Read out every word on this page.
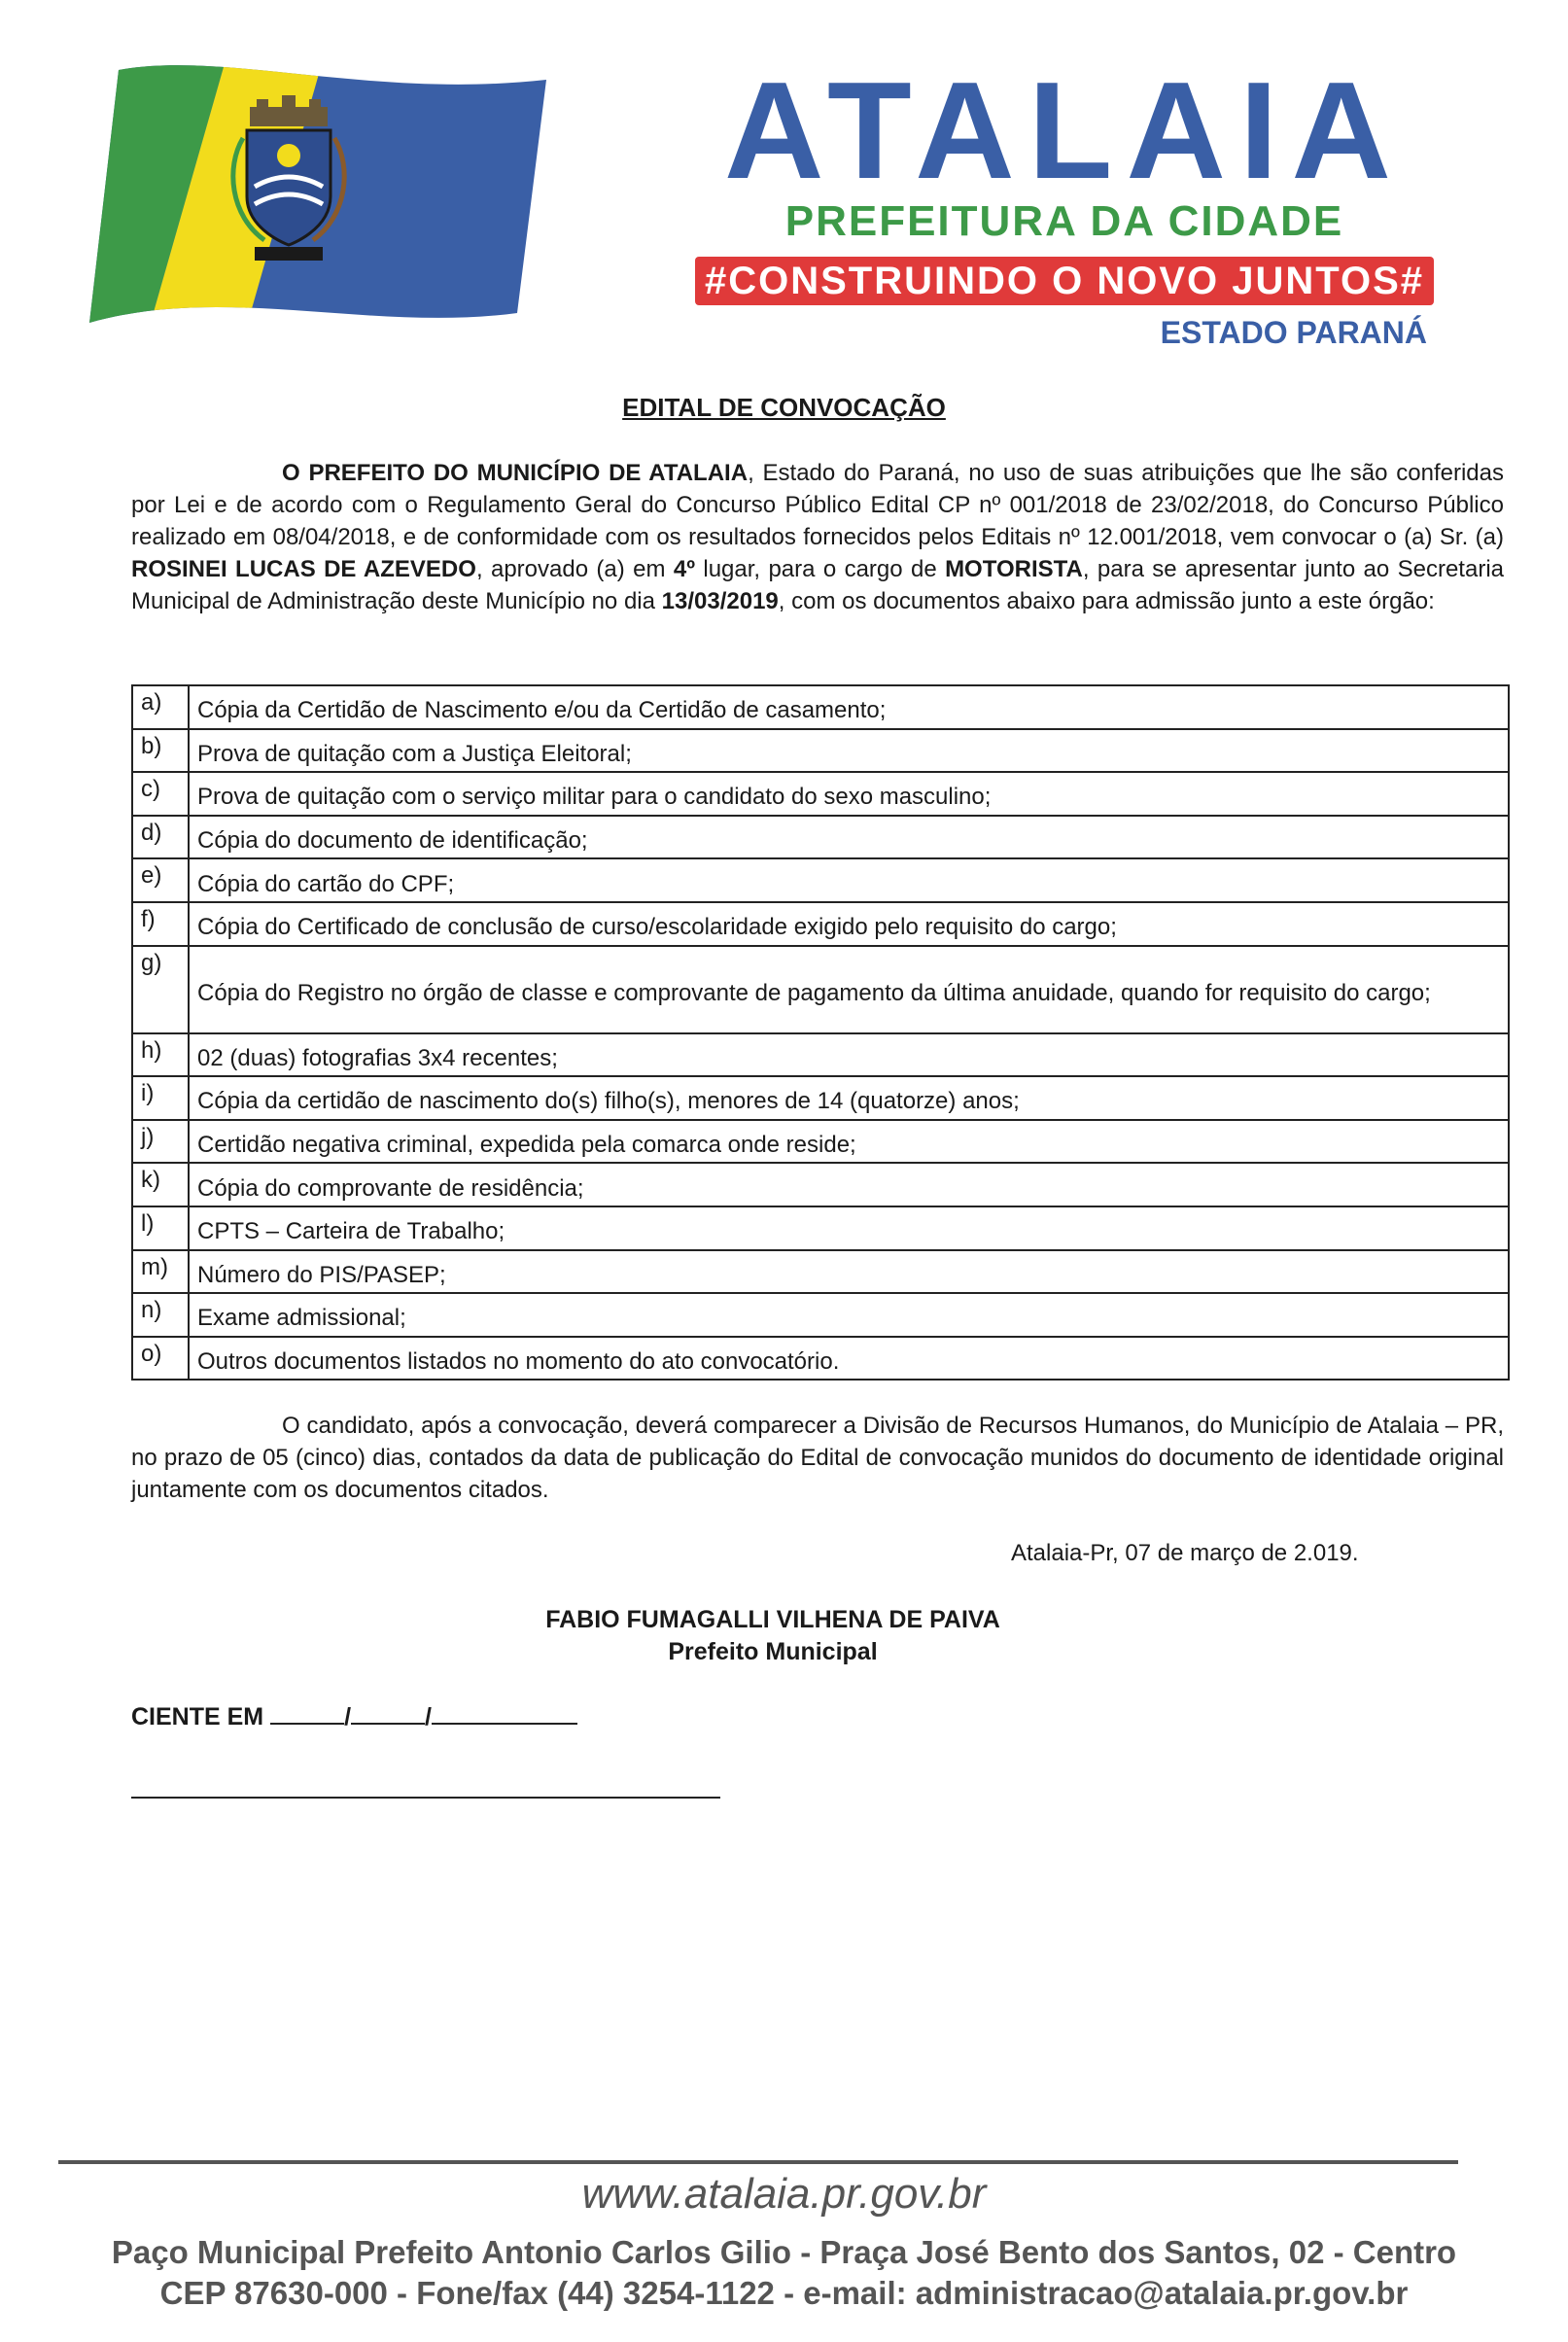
ATALAIA
PREFEITURA DA CIDADE
#CONSTRUINDO O NOVO JUNTOS#
ESTADO PARANÁ
EDITAL DE CONVOCAÇÃO

O PREFEITO DO MUNICÍPIO DE ATALAIA, Estado do Paraná, no uso de suas atribuições que lhe são conferidas por Lei e de acordo com o Regulamento Geral do Concurso Público Edital CP nº 001/2018 de 23/02/2018, do Concurso Público realizado em 08/04/2018, e de conformidade com os resultados fornecidos pelos Editais nº 12.001/2018, vem convocar o (a) Sr. (a) ROSINEI LUCAS DE AZEVEDO, aprovado (a) em 4º lugar, para o cargo de MOTORISTA, para se apresentar junto ao Secretaria Municipal de Administração deste Município no dia 13/03/2019, com os documentos abaixo para admissão junto a este órgão:

a)	Cópia da Certidão de Nascimento e/ou da Certidão de casamento;
b)	Prova de quitação com a Justiça Eleitoral;
c)	Prova de quitação com o serviço militar para o candidato do sexo masculino;
d)	Cópia do documento de identificação;
e)	Cópia do cartão do CPF;
f)	Cópia do Certificado de conclusão de curso/escolaridade exigido pelo requisito do cargo;
g)	Cópia do Registro no órgão de classe e comprovante de pagamento da última anuidade, quando for requisito do cargo;
h)	02 (duas) fotografias 3x4 recentes;
i)	Cópia da certidão de nascimento do(s) filho(s), menores de 14 (quatorze) anos;
j)	Certidão negativa criminal, expedida pela comarca onde reside;
k)	Cópia do comprovante de residência;
l)	CPTS – Carteira de Trabalho;
m)	Número do PIS/PASEP;
n)	Exame admissional;
o)	Outros documentos listados no momento do ato convocatório.

O candidato, após a convocação, deverá comparecer a Divisão de Recursos Humanos, do Município de Atalaia – PR, no prazo de 05 (cinco) dias, contados da data de publicação do Edital de convocação munidos do documento de identidade original juntamente com os documentos citados.

Atalaia-Pr, 07 de março de 2.019.
FABIO FUMAGALLI VILHENA DE PAIVA
Prefeito Municipal
CIENTE EM	/	/
www.atalaia.pr.gov.br
Paço Municipal Prefeito Antonio Carlos Gilio - Praça José Bento dos Santos, 02 - Centro
CEP 87630-000 - Fone/fax (44) 3254-1122 - e-mail: administracao@atalaia.pr.gov.br
